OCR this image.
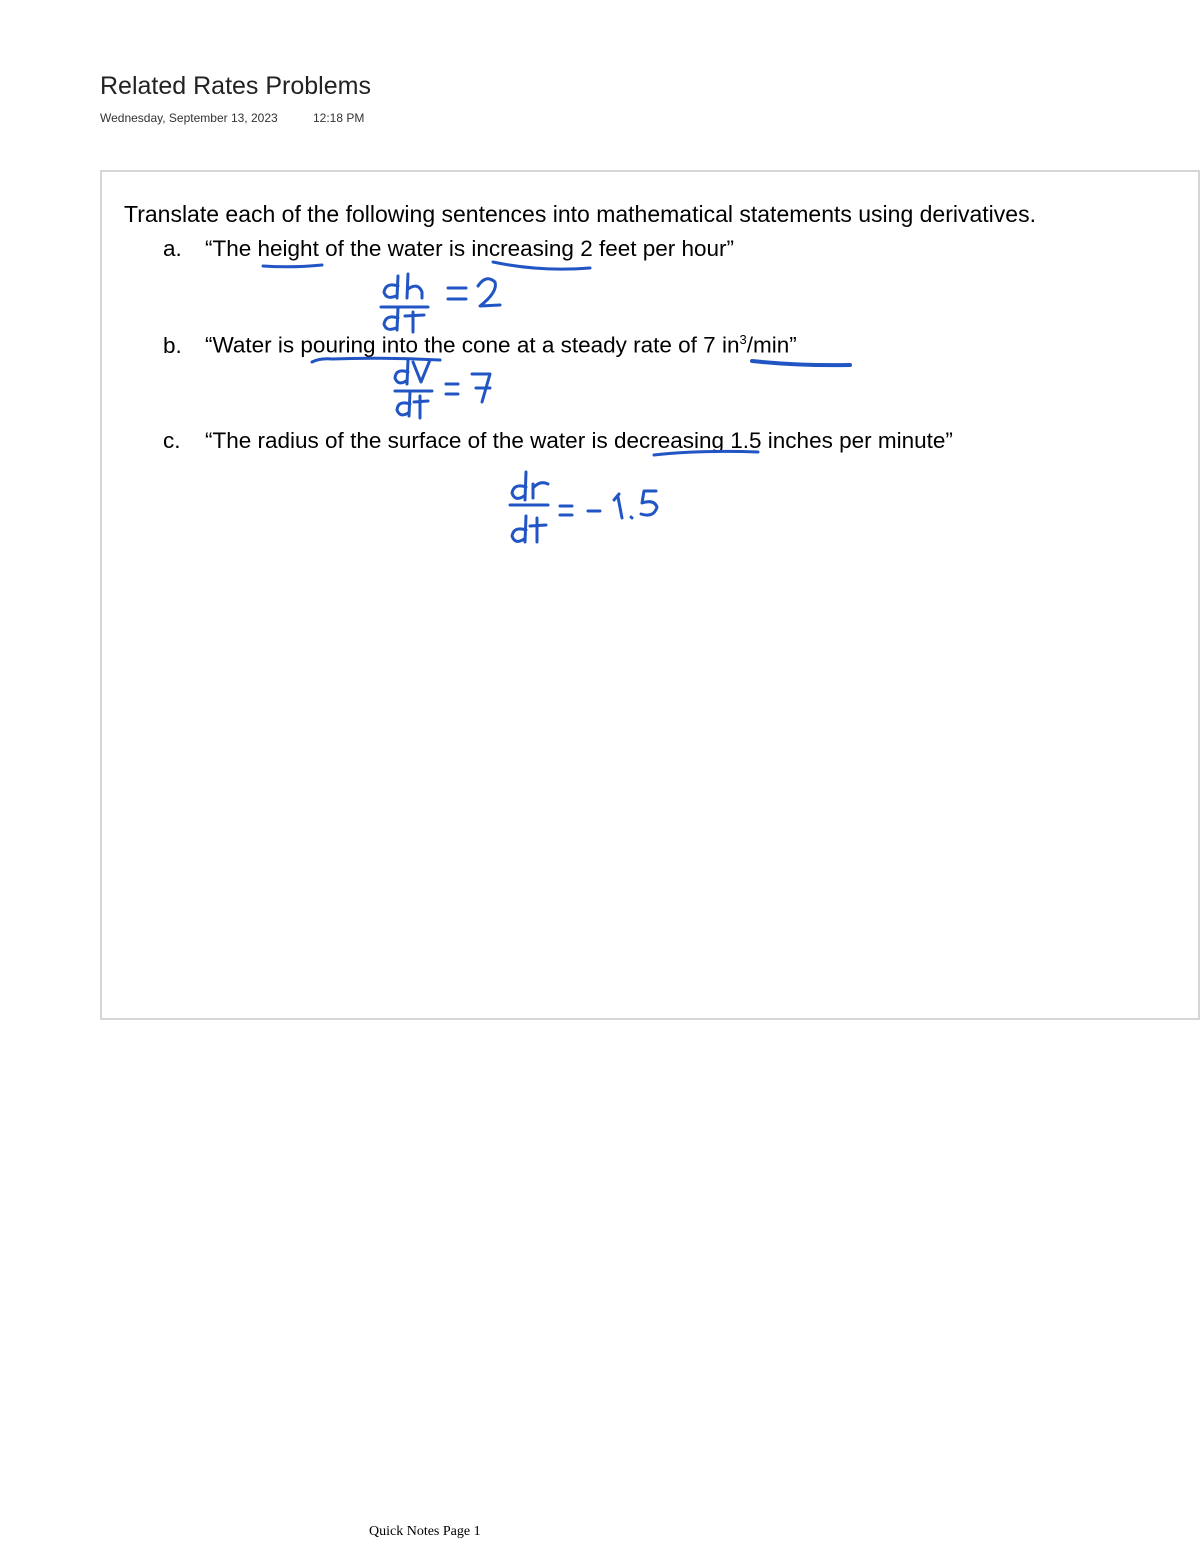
Related Rates Problems
Wednesday, September 13, 2023	12:18 PM
Translate each of the following sentences into mathematical statements using derivatives.
a. “The height of the water is increasing 2 feet per hour”
b. “Water is pouring into the cone at a steady rate of 7 $in^3/\min$”
c. “The radius of the surface of the water is decreasing 1.5 inches per minute”
Quick Notes Page 1
